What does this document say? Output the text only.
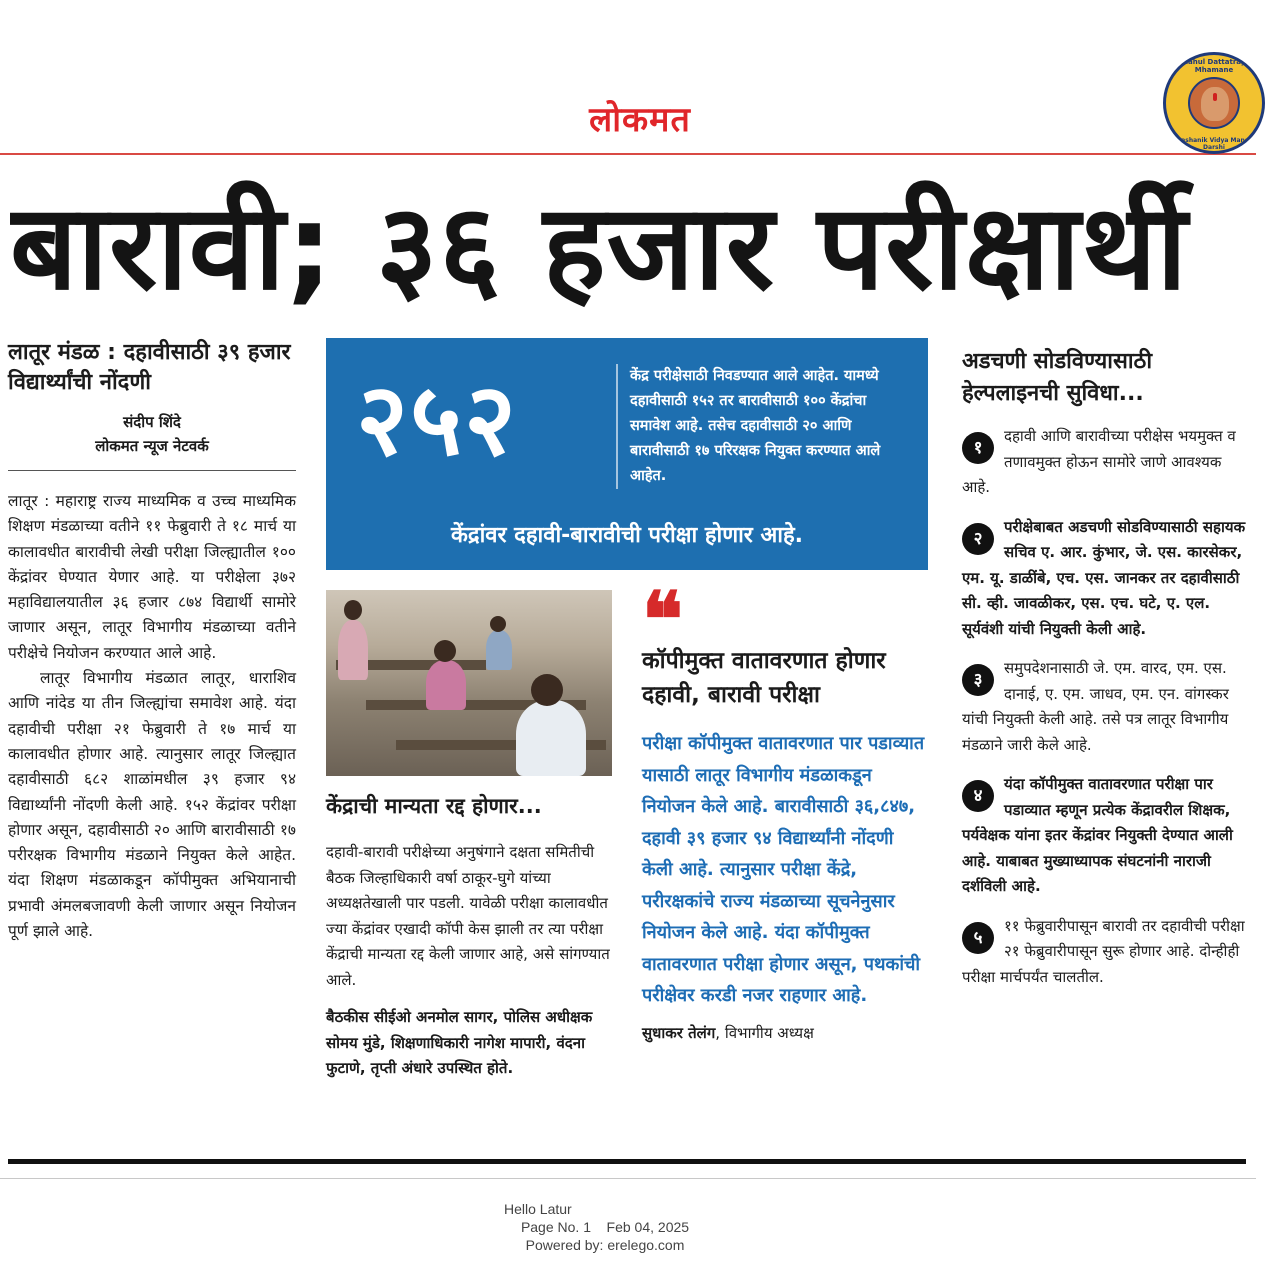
लोकमत
Rahul Dattatray Mhamane
Prashanik Vidya Mandir Darshi
बारावी; ३६ हजार परीक्षार्थी
लातूर मंडळ : दहावीसाठी ३९ हजार विद्यार्थ्यांची नोंदणी
संदीप शिंदे
लोकमत न्यूज नेटवर्क

लातूर : महाराष्ट्र राज्य माध्यमिक व उच्च माध्यमिक शिक्षण मंडळाच्या वतीने ११ फेब्रुवारी ते १८ मार्च या कालावधीत बारावीची लेखी परीक्षा जिल्ह्यातील १०० केंद्रांवर घेण्यात येणार आहे. या परीक्षेला ३७२ महाविद्यालयातील ३६ हजार ८७४ विद्यार्थी सामोरे जाणार असून, लातूर विभागीय मंडळाच्या वतीने परीक्षेचे नियोजन करण्यात आले आहे.

लातूर विभागीय मंडळात लातूर, धाराशिव आणि नांदेड या तीन जिल्ह्यांचा समावेश आहे. यंदा दहावीची परीक्षा २१ फेब्रुवारी ते १७ मार्च या कालावधीत होणार आहे. त्यानुसार लातूर जिल्ह्यात दहावीसाठी ६८२ शाळांमधील ३९ हजार ९४ विद्यार्थ्यांनी नोंदणी केली आहे. १५२ केंद्रांवर परीक्षा होणार असून, दहावीसाठी २० आणि बारावीसाठी १७ परीरक्षक विभागीय मंडळाने नियुक्त केले आहेत. यंदा शिक्षण मंडळाकडून कॉपीमुक्त अभियानाची प्रभावी अंमलबजावणी केली जाणार असून नियोजन पूर्ण झाले आहे.

२५२	केंद्र परीक्षेसाठी निवडण्यात आले आहेत. यामध्ये दहावीसाठी १५२ तर बारावीसाठी १०० केंद्रांचा समावेश आहे. तसेच दहावीसाठी २० आणि बारावीसाठी १७ परिरक्षक नियुक्त करण्यात आले आहेत.
केंद्रांवर दहावी-बारावीची परीक्षा होणार आहे.
केंद्राची मान्यता रद्द होणार...
दहावी-बारावी परीक्षेच्या अनुषंगाने दक्षता समितीची बैठक जिल्हाधिकारी वर्षा ठाकूर-घुगे यांच्या अध्यक्षतेखाली पार पडली. यावेळी परीक्षा कालावधीत ज्या केंद्रांवर एखादी कॉपी केस झाली तर त्या परीक्षा केंद्राची मान्यता रद्द केली जाणार आहे, असे सांगण्यात आले.
बैठकीस सीईओ अनमोल सागर, पोलिस अधीक्षक सोमय मुंडे, शिक्षणाधिकारी नागेश मापारी, वंदना फुटाणे, तृप्ती अंधारे उपस्थित होते.
❝
कॉपीमुक्त वातावरणात होणार दहावी, बारावी परीक्षा
परीक्षा कॉपीमुक्त वातावरणात पार पडाव्यात यासाठी लातूर विभागीय मंडळाकडून नियोजन केले आहे. बारावीसाठी ३६,८४७, दहावी ३९ हजार ९४ विद्यार्थ्यांनी नोंदणी केली आहे. त्यानुसार परीक्षा केंद्रे, परीरक्षकांचे राज्य मंडळाच्या सूचनेनुसार नियोजन केले आहे. यंदा कॉपीमुक्त वातावरणात परीक्षा होणार असून, पथकांची परीक्षेवर करडी नजर राहणार आहे.
सुधाकर तेलंग, विभागीय अध्यक्ष
अडचणी सोडविण्यासाठी हेल्पलाइनची सुविधा...
१
दहावी आणि बारावीच्या परीक्षेस भयमुक्त व तणावमुक्त होऊन सामोरे जाणे आवश्यक आहे.
२
परीक्षेबाबत अडचणी सोडविण्यासाठी सहायक सचिव ए. आर. कुंभार, जे. एस. कारसेकर, एम. यू. डाळींबे, एच. एस. जानकर तर दहावीसाठी सी. व्ही. जावळीकर, एस. एच. घटे, ए. एल. सूर्यवंशी यांची नियुक्ती केली आहे.
३
समुपदेशनासाठी जे. एम. वारद, एम. एस. दानाई, ए. एम. जाधव, एम. एन. वांगस्कर यांची नियुक्ती केली आहे. तसे पत्र लातूर विभागीय मंडळाने जारी केले आहे.
४
यंदा कॉपीमुक्त वातावरणात परीक्षा पार पडाव्यात म्हणून प्रत्येक केंद्रावरील शिक्षक, पर्यवेक्षक यांना इतर केंद्रांवर नियुक्ती देण्यात आली आहे. याबाबत मुख्याध्यापक संघटनांनी नाराजी दर्शविली आहे.
५
११ फेब्रुवारीपासून बारावी तर दहावीची परीक्षा २१ फेब्रुवारीपासून सुरू होणार आहे. दोन्हीही परीक्षा मार्चपर्यंत चालतील.
Hello Latur
Page No. 1    Feb 04, 2025
Powered by: erelego.com
